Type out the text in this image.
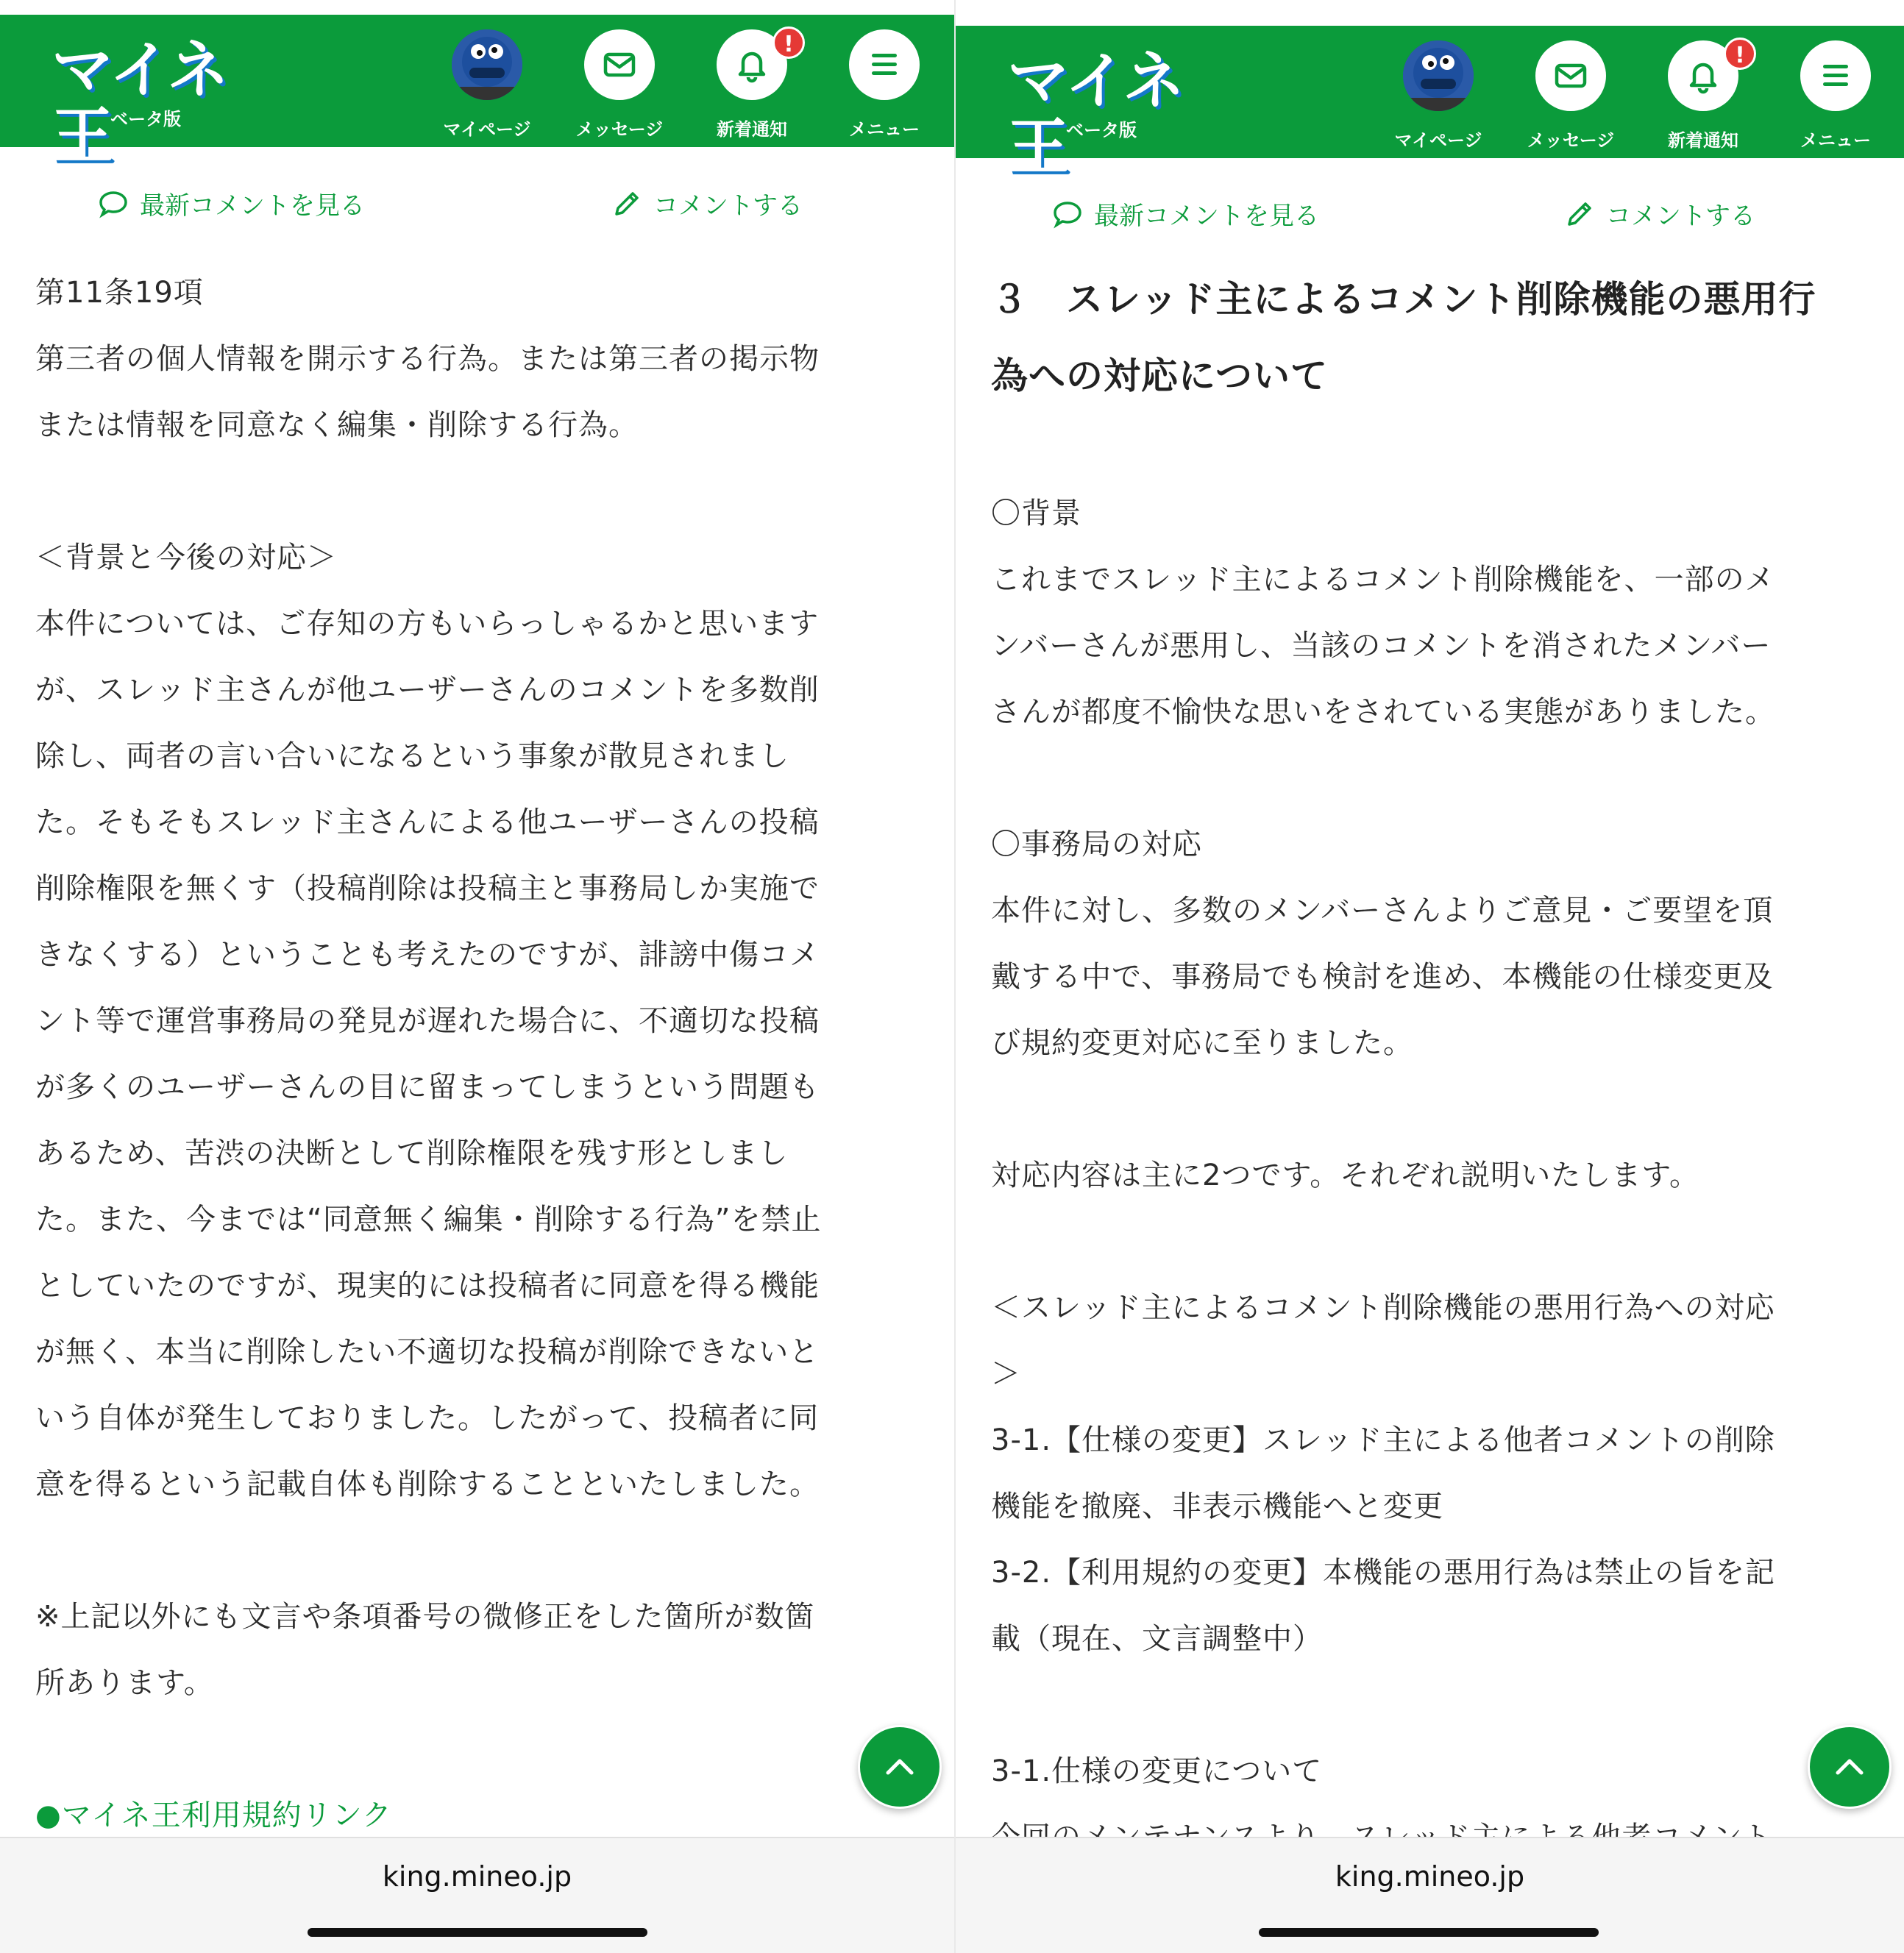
マイネ王 ベータ版	マイページ	メッセージ
!
新着通知	メニュー
最新コメントを見る	コメントする

第11条19項

第三者の個人情報を開示する行為。または第三者の掲示物

または情報を同意なく編集・削除する行為。

＜背景と今後の対応＞

本件については、ご存知の方もいらっしゃるかと思います

が、スレッド主さんが他ユーザーさんのコメントを多数削

除し、両者の言い合いになるという事象が散見されまし

た。そもそもスレッド主さんによる他ユーザーさんの投稿

削除権限を無くす（投稿削除は投稿主と事務局しか実施で

きなくする）ということも考えたのですが、誹謗中傷コメ

ント等で運営事務局の発見が遅れた場合に、不適切な投稿

が多くのユーザーさんの目に留まってしまうという問題も

あるため、苦渋の決断として削除権限を残す形としまし

た。また、今までは“同意無く編集・削除する行為”を禁止

としていたのですが、現実的には投稿者に同意を得る機能

が無く、本当に削除したい不適切な投稿が削除できないと

いう自体が発生しておりました。したがって、投稿者に同

意を得るという記載自体も削除することといたしました。

※上記以外にも文言や条項番号の微修正をした箇所が数箇

所あります。

●マイネ王利用規約リンク

king.mineo.jp
マイネ王 ベータ版	マイページ	メッセージ
!
新着通知	メニュー
最新コメントを見る	コメントする
３　スレッド主によるコメント削除機能の悪用行
為への対応について

〇背景

これまでスレッド主によるコメント削除機能を、一部のメ

ンバーさんが悪用し、当該のコメントを消されたメンバー

さんが都度不愉快な思いをされている実態がありました。

〇事務局の対応

本件に対し、多数のメンバーさんよりご意見・ご要望を頂

戴する中で、事務局でも検討を進め、本機能の仕様変更及

び規約変更対応に至りました。

対応内容は主に2つです。それぞれ説明いたします。

＜スレッド主によるコメント削除機能の悪用行為への対応

＞

3-1.【仕様の変更】スレッド主による他者コメントの削除

機能を撤廃、非表示機能へと変更

3-2.【利用規約の変更】本機能の悪用行為は禁止の旨を記

載（現在、文言調整中）

3-1.仕様の変更について

king.mineo.jp
